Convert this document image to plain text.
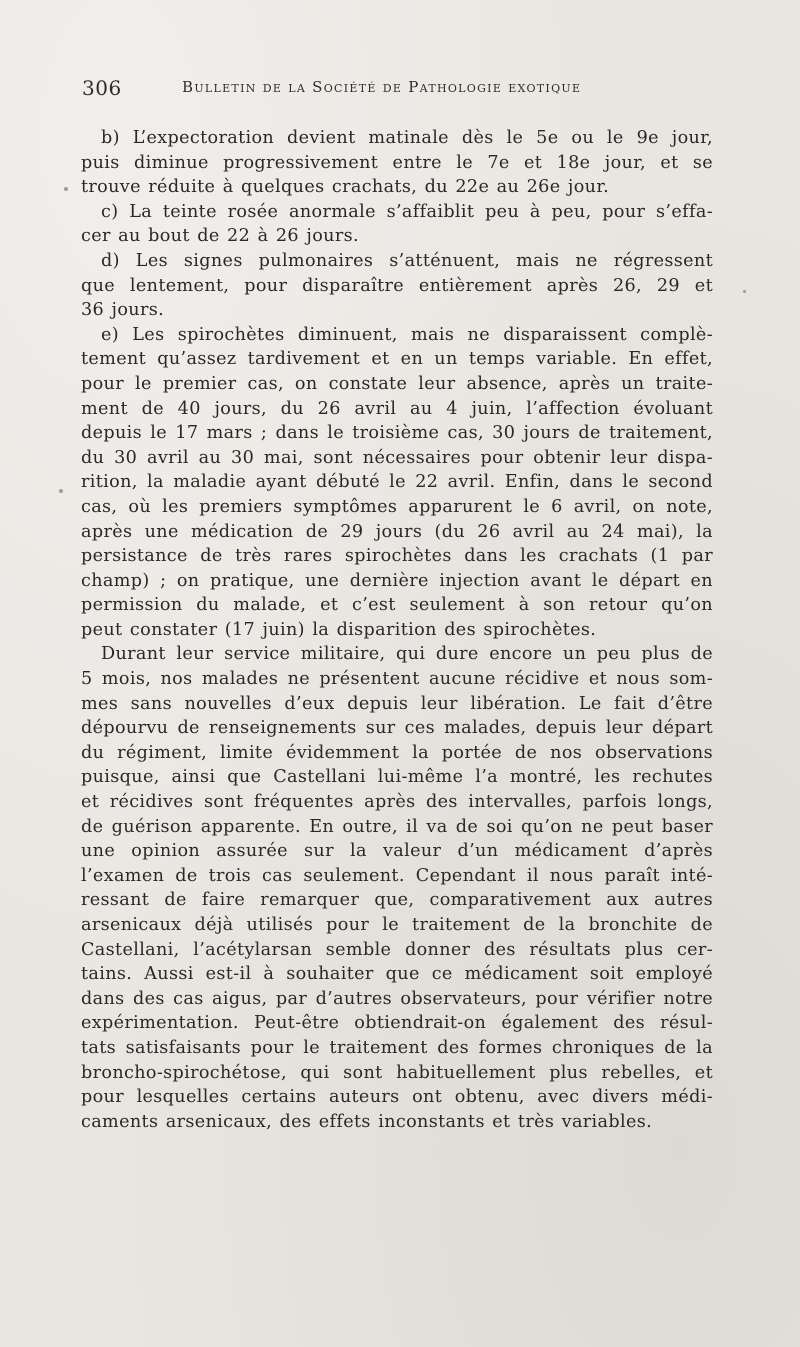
306	Bulletin de la Société de Pathologie exotique
b) L’expectoration devient matinale dès le 5e ou le 9e jour,
puis diminue progressivement entre le 7e et 18e jour, et se
trouve réduite à quelques crachats, du 22e au 26e jour.
c) La teinte rosée anormale s’affaiblit peu à peu, pour s’effa-
cer au bout de 22 à 26 jours.
d) Les signes pulmonaires s’atténuent, mais ne régressent
que lentement, pour disparaître entièrement après 26, 29 et
36 jours.
e) Les spirochètes diminuent, mais ne disparaissent complè-
tement qu’assez tardivement et en un temps variable. En effet,
pour le premier cas, on constate leur absence, après un traite-
ment de 40 jours, du 26 avril au 4 juin, l’affection évoluant
depuis le 17 mars ; dans le troisième cas, 30 jours de traitement,
du 30 avril au 30 mai, sont nécessaires pour obtenir leur dispa-
rition, la maladie ayant débuté le 22 avril. Enfin, dans le second
cas, où les premiers symptômes apparurent le 6 avril, on note,
après une médication de 29 jours (du 26 avril au 24 mai), la
persistance de très rares spirochètes dans les crachats (1 par
champ) ; on pratique, une dernière injection avant le départ en
permission du malade, et c’est seulement à son retour qu’on
peut constater (17 juin) la disparition des spirochètes.
Durant leur service militaire, qui dure encore un peu plus de
5 mois, nos malades ne présentent aucune récidive et nous som-
mes sans nouvelles d’eux depuis leur libération. Le fait d’être
dépourvu de renseignements sur ces malades, depuis leur départ
du régiment, limite évidemment la portée de nos observations
puisque, ainsi que Castellani lui-même l’a montré, les rechutes
et récidives sont fréquentes après des intervalles, parfois longs,
de guérison apparente. En outre, il va de soi qu’on ne peut baser
une opinion assurée sur la valeur d’un médicament d’après
l’examen de trois cas seulement. Cependant il nous paraît inté-
ressant de faire remarquer que, comparativement aux autres
arsenicaux déjà utilisés pour le traitement de la bronchite de
Castellani, l’acétylarsan semble donner des résultats plus cer-
tains. Aussi est-il à souhaiter que ce médicament soit employé
dans des cas aigus, par d’autres observateurs, pour vérifier notre
expérimentation. Peut-être obtiendrait-on également des résul-
tats satisfaisants pour le traitement des formes chroniques de la
broncho-spirochétose, qui sont habituellement plus rebelles, et
pour lesquelles certains auteurs ont obtenu, avec divers médi-
caments arsenicaux, des effets inconstants et très variables.
